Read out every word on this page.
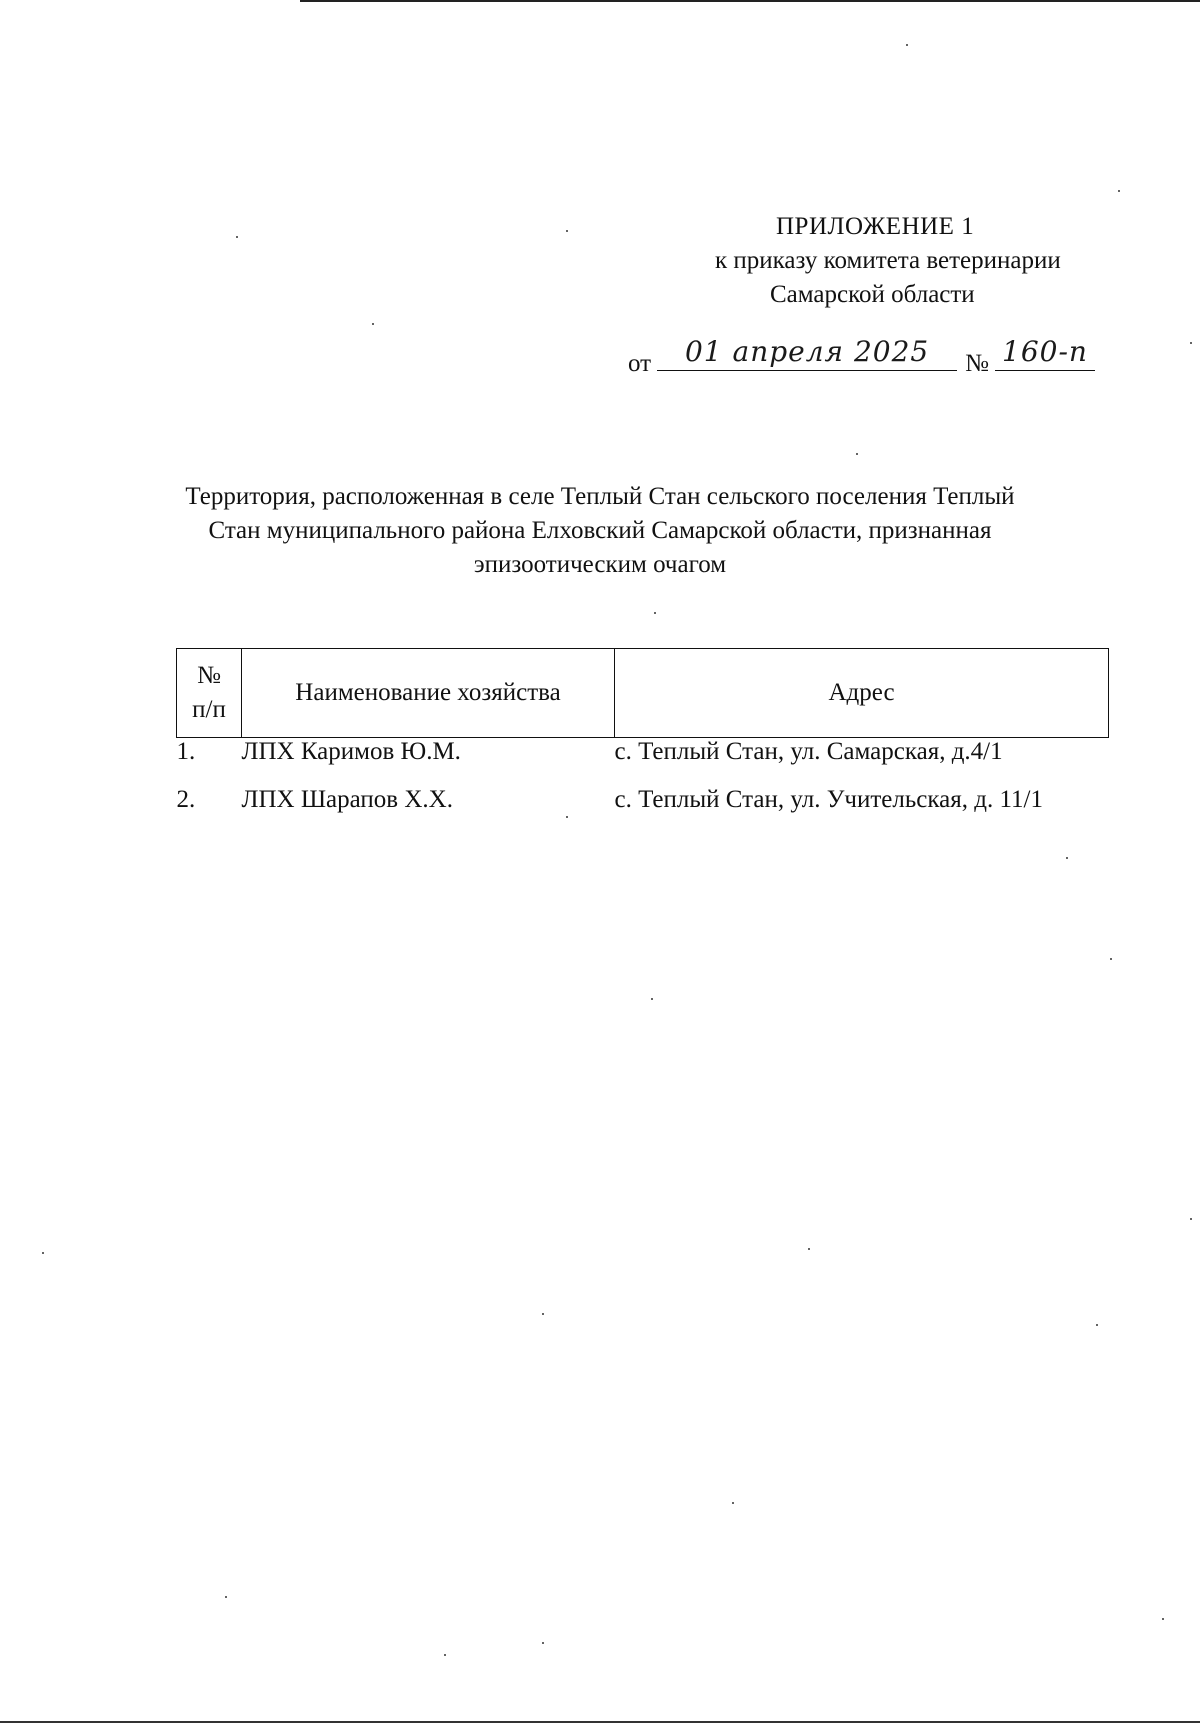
ПРИЛОЖЕНИЕ 1
к приказу комитета ветеринарии
Самарской области
от	01 апреля 2025	№ 160-п
Территория, расположенная в селе Теплый Стан сельского поселения Теплый
Стан муниципального района Елховский Самарской области, признанная
эпизоотическим очагом
№
п/п	Наименование хозяйства	Адрес
1.	ЛПХ Каримов Ю.М.	с. Теплый Стан, ул. Самарская, д.4/1
2.	ЛПХ Шарапов Х.Х.	с. Теплый Стан, ул. Учительская, д. 11/1
